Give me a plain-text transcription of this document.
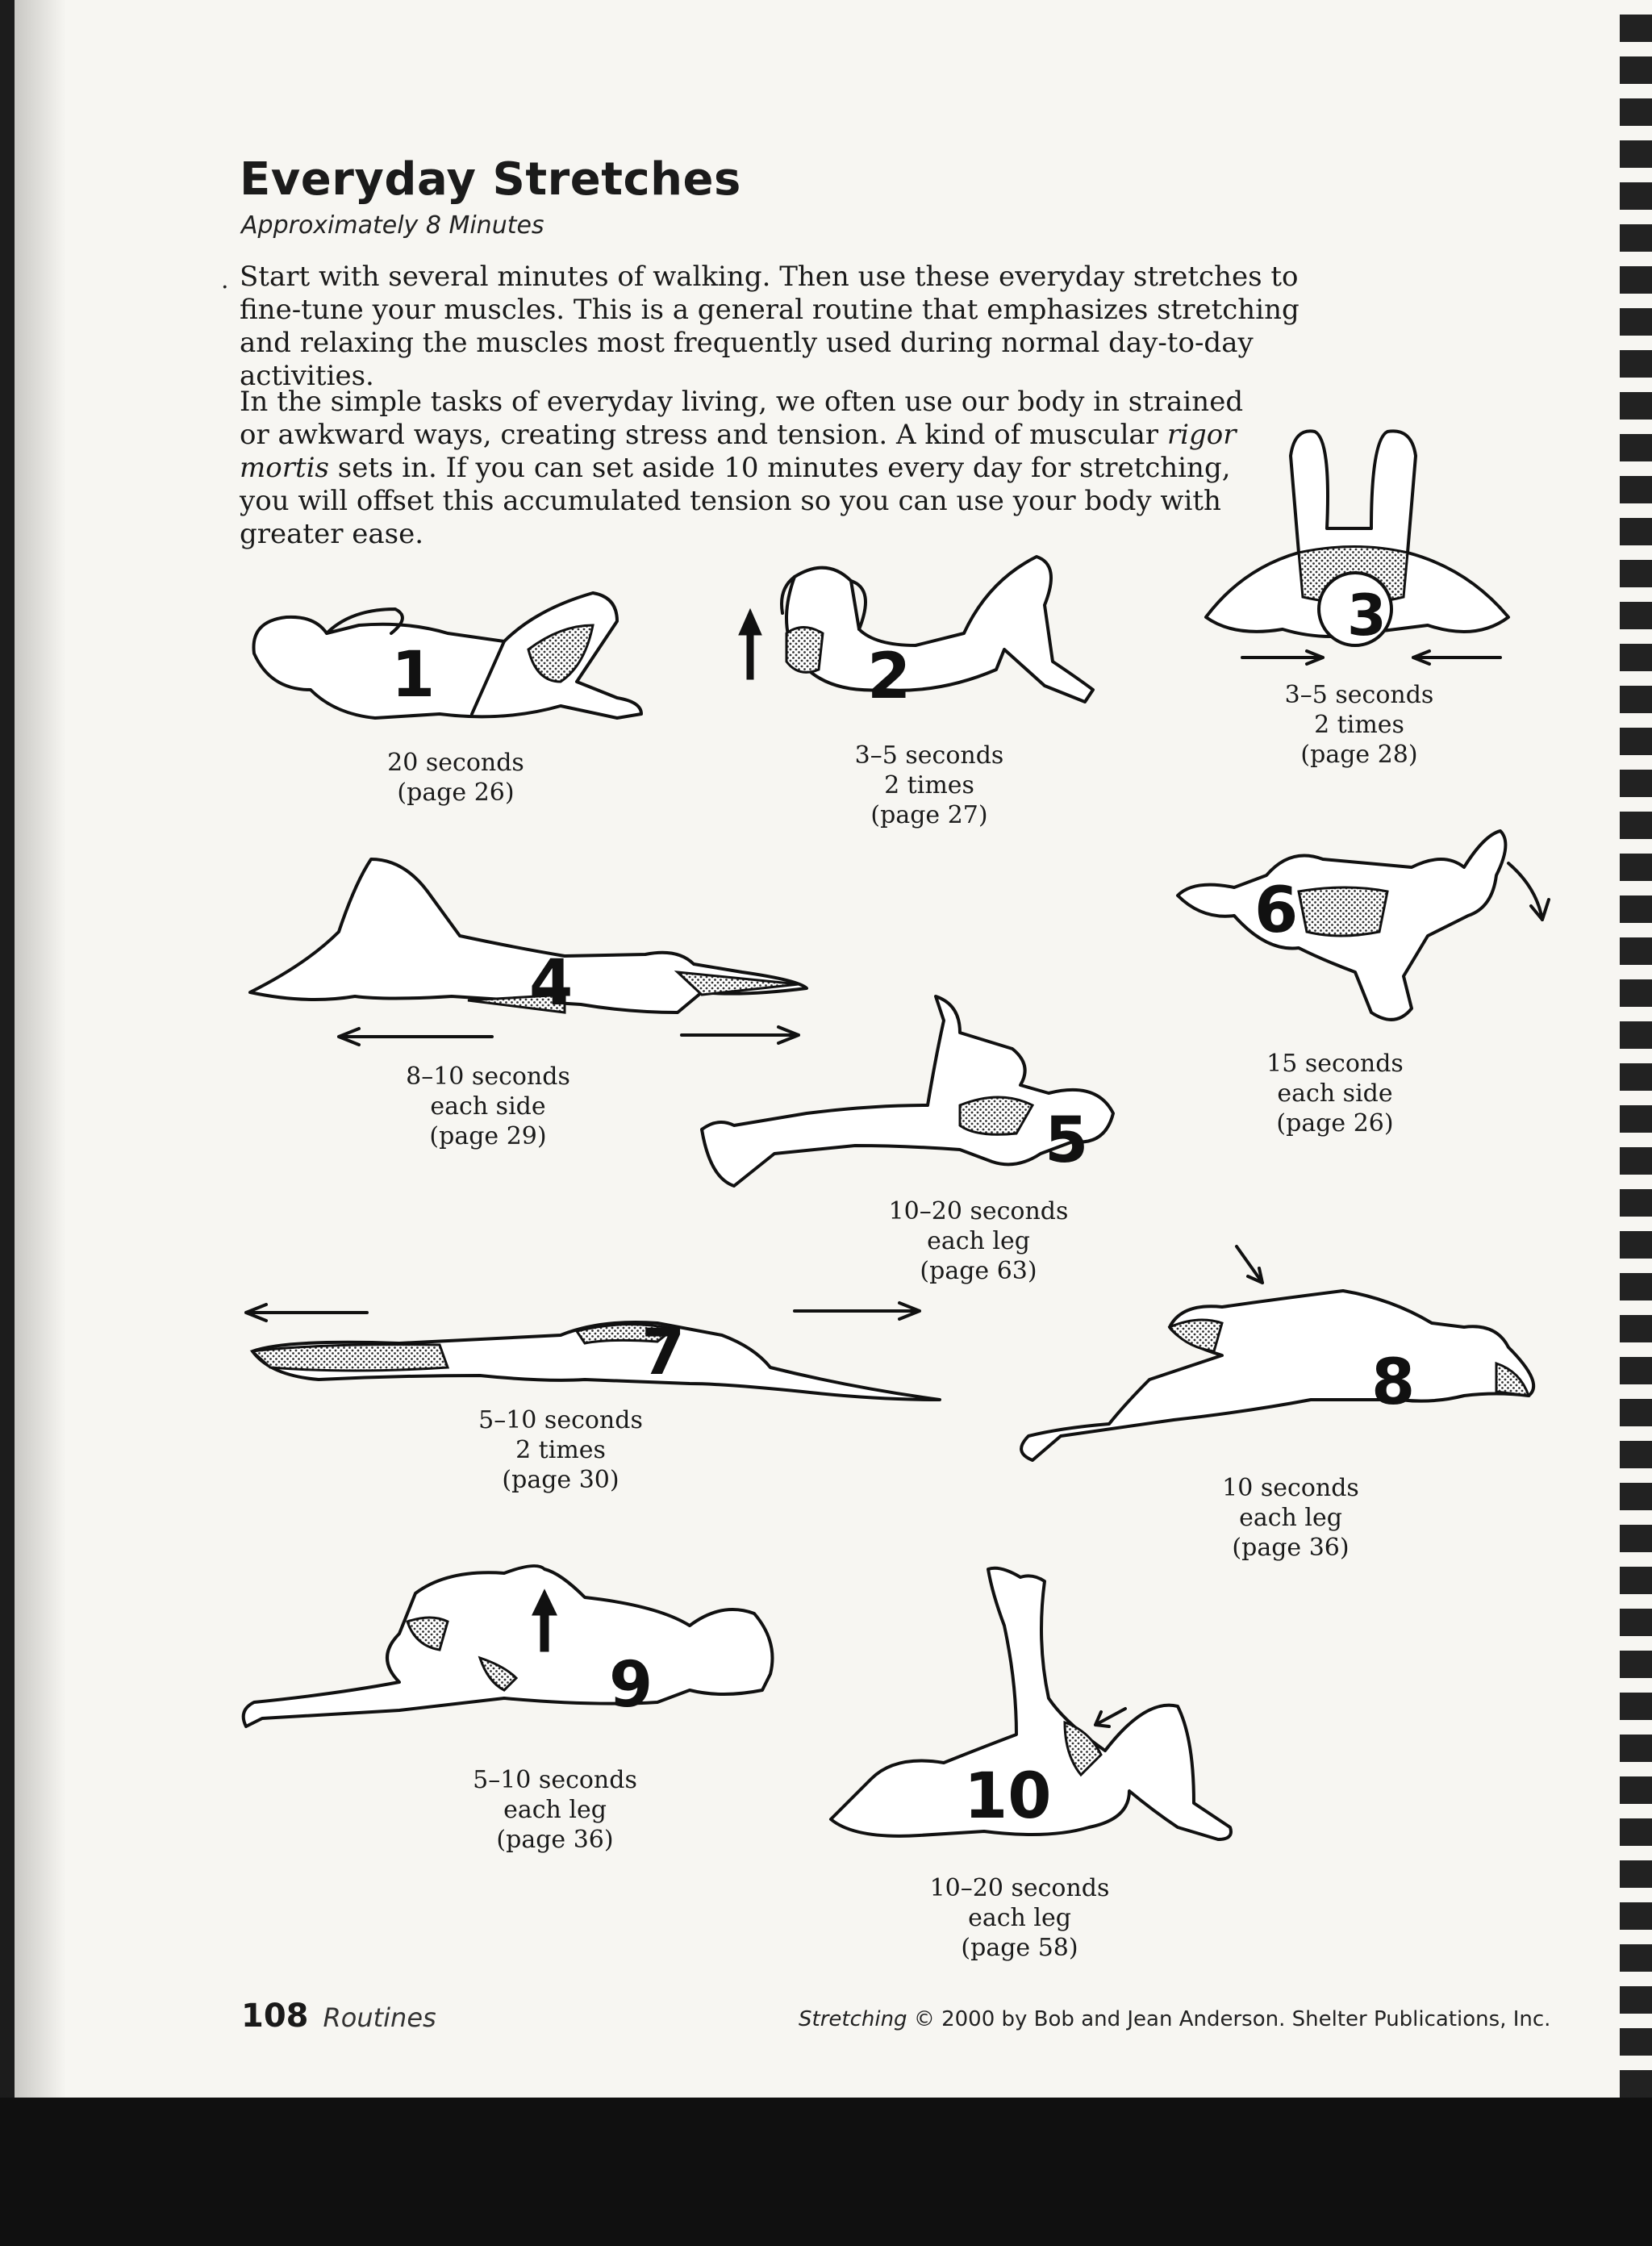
Everyday Stretches
Approximately 8 Minutes
. Start with several minutes of walking. Then use these everyday stretches to fine-tune your muscles. This is a general routine that emphasizes stretching and relaxing the muscles most frequently used during normal day-to-day activities.

In the simple tasks of everyday living, we often use our body in strained or awkward ways, creating stress and tension. A kind of muscular rigor mortis sets in. If you can set aside 10 minutes every day for stretching, you will offset this accumulated tension so you can use your body with greater ease.

1
20 seconds
(page 26)
2
3–5 seconds
2 times
(page 27)
3
3–5 seconds
2 times
(page 28)
4
8–10 seconds
each side
(page 29)
6
15 seconds
each side
(page 26)
5
10–20 seconds
each leg
(page 63)
7
5–10 seconds
2 times
(page 30)
8
10 seconds
each leg
(page 36)
9
5–10 seconds
each leg
(page 36)
10
10–20 seconds
each leg
(page 58)
108 Routines	Stretching © 2000 by Bob and Jean Anderson. Shelter Publications, Inc.
